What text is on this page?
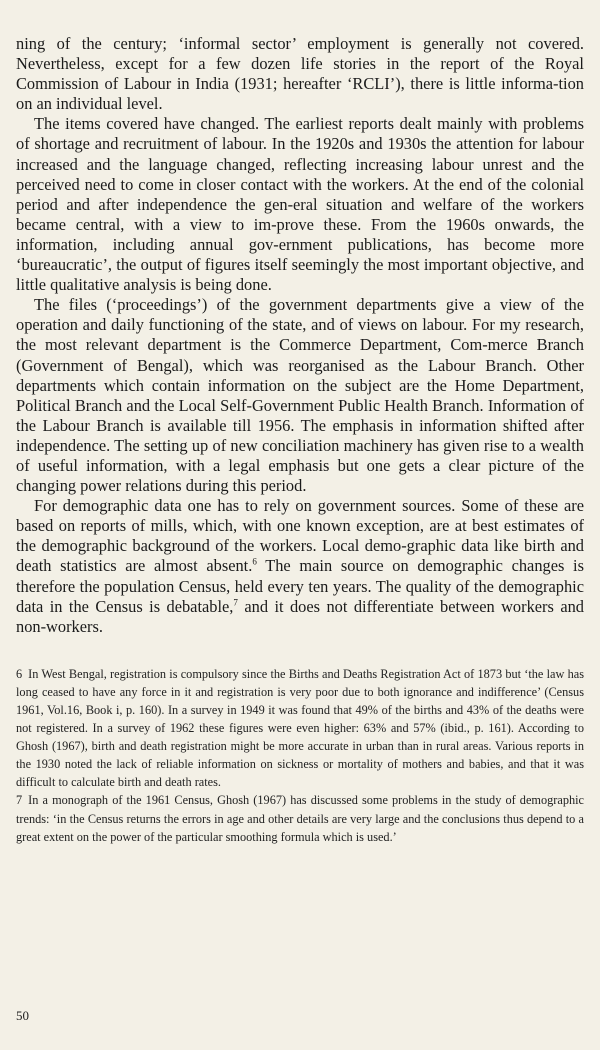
ning of the century; ‘informal sector’ employment is generally not covered. Nevertheless, except for a few dozen life stories in the report of the Royal Commission of Labour in India (1931; hereafter ‘RCLI’), there is little informa-tion on an individual level.

The items covered have changed. The earliest reports dealt mainly with problems of shortage and recruitment of labour. In the 1920s and 1930s the attention for labour increased and the language changed, reflecting increasing labour unrest and the perceived need to come in closer contact with the workers. At the end of the colonial period and after independence the gen-eral situation and welfare of the workers became central, with a view to im-prove these. From the 1960s onwards, the information, including annual gov-ernment publications, has become more ‘bureaucratic’, the output of figures itself seemingly the most important objective, and little qualitative analysis is being done.

The files (‘proceedings’) of the government departments give a view of the operation and daily functioning of the state, and of views on labour. For my research, the most relevant department is the Commerce Department, Com-merce Branch (Government of Bengal), which was reorganised as the Labour Branch. Other departments which contain information on the subject are the Home Department, Political Branch and the Local Self-Government Public Health Branch. Information of the Labour Branch is available till 1956. The emphasis in information shifted after independence. The setting up of new conciliation machinery has given rise to a wealth of useful information, with a legal emphasis but one gets a clear picture of the changing power relations during this period.

For demographic data one has to rely on government sources. Some of these are based on reports of mills, which, with one known exception, are at best estimates of the demographic background of the workers. Local demo-graphic data like birth and death statistics are almost absent.$^6$ The main source on demographic changes is therefore the population Census, held every ten years. The quality of the demographic data in the Census is debatable,$^7$ and it does not differentiate between workers and non-workers.

6 In West Bengal, registration is compulsory since the Births and Deaths Registration Act of 1873 but ‘the law has long ceased to have any force in it and registration is very poor due to both ignorance and indifference’ (Census 1961, Vol.16, Book i, p. 160). In a survey in 1949 it was found that 49% of the births and 43% of the deaths were not registered. In a survey of 1962 these figures were even higher: 63% and 57% (ibid., p. 161). According to Ghosh (1967), birth and death registration might be more accurate in urban than in rural areas. Various reports in the 1930 noted the lack of reliable information on sickness or mortality of mothers and babies, and that it was difficult to calculate birth and death rates.

7 In a monograph of the 1961 Census, Ghosh (1967) has discussed some problems in the study of demographic trends: ‘in the Census returns the errors in age and other details are very large and the conclusions thus depend to a great extent on the power of the particular smoothing formula which is used.’

50
